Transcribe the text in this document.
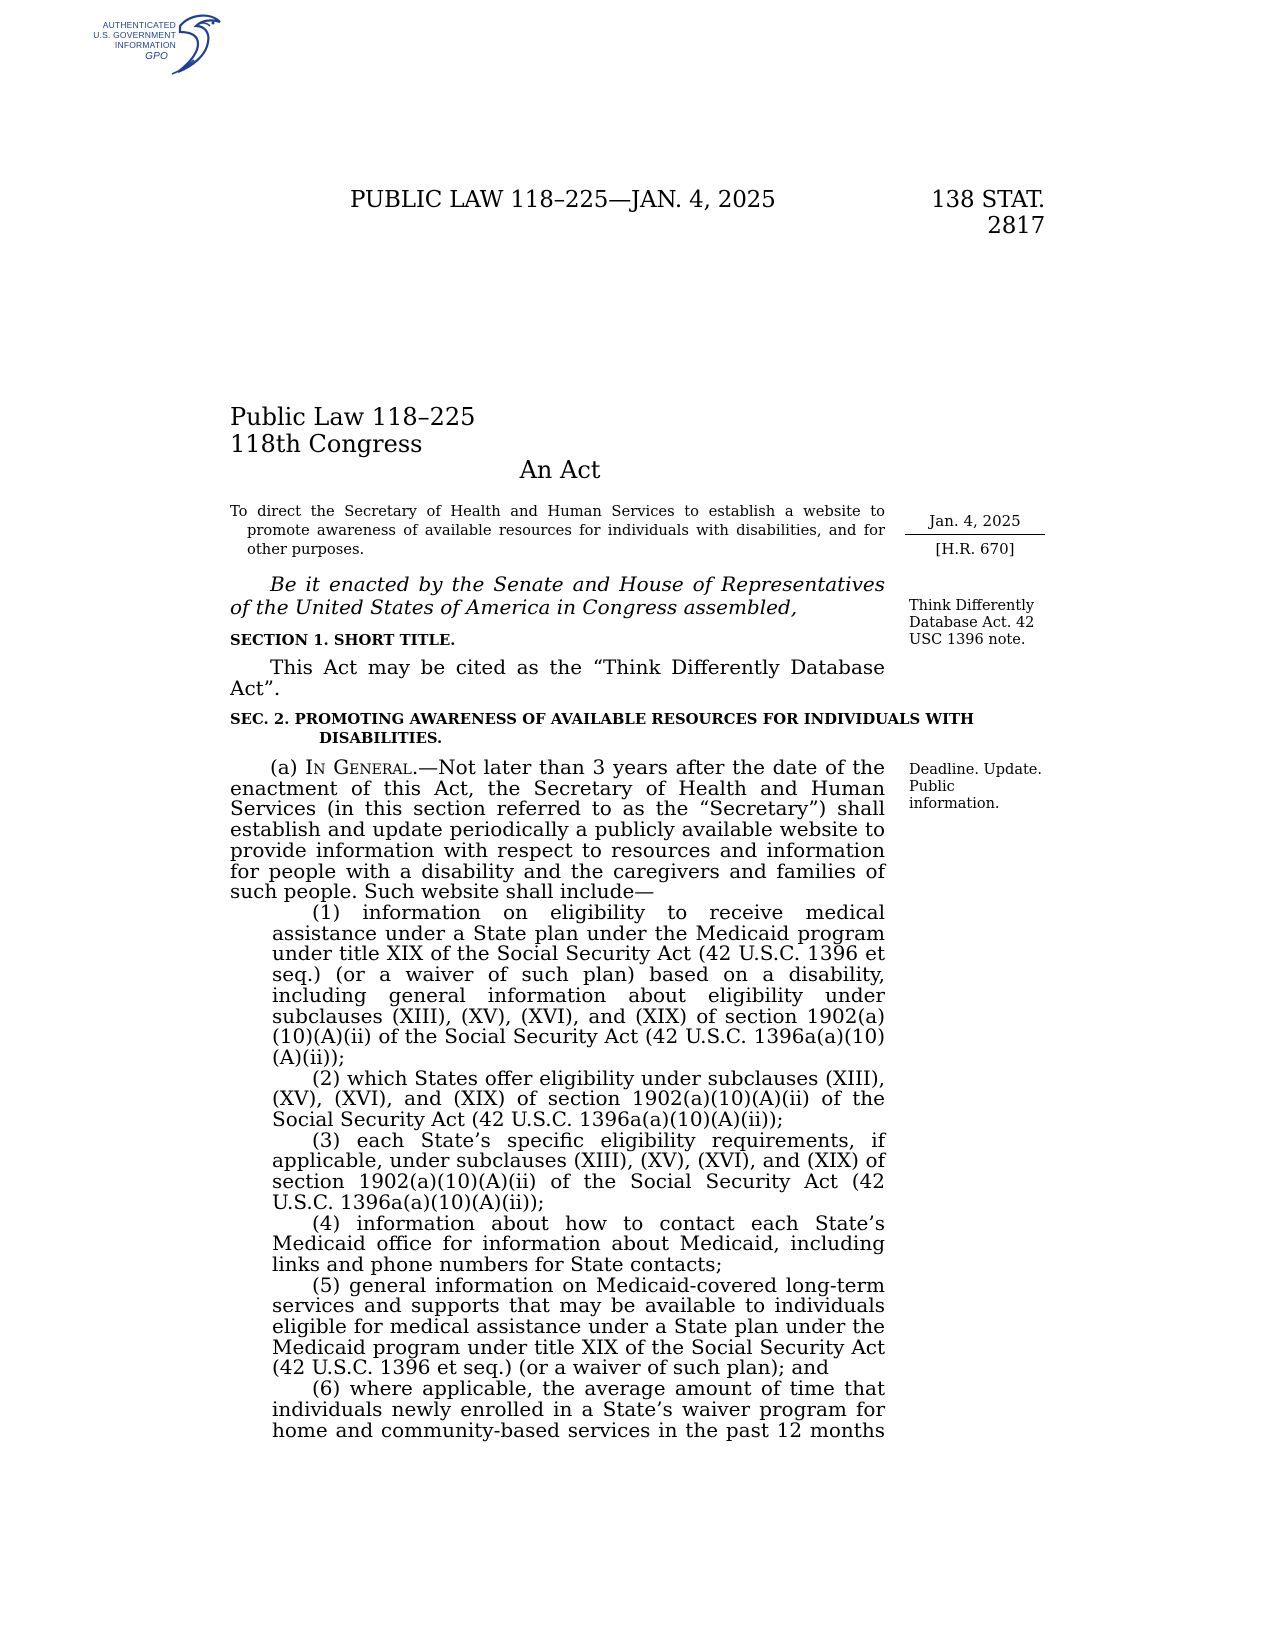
AUTHENTICATED
U.S. GOVERNMENT
INFORMATION
GPO
PUBLIC LAW 118–225—JAN. 4, 2025	138 STAT. 2817
Public Law 118–225
118th Congress
An Act
To direct the Secretary of Health and Human Services to establish a website to promote awareness of available resources for individuals with disabilities, and for other purposes.
Jan. 4, 2025
[H.R. 670]
Think Differently Database Act. 42 USC 1396 note.
Deadline. Update. Public information.
Be it enacted by the Senate and House of Representatives of the United States of America in Congress assembled,
SECTION 1. SHORT TITLE.
This Act may be cited as the “Think Differently Database Act”.
SEC. 2. PROMOTING AWARENESS OF AVAILABLE RESOURCES FOR INDIVIDUALS WITH DISABILITIES.
(a) In General.—Not later than 3 years after the date of the enactment of this Act, the Secretary of Health and Human Services (in this section referred to as the “Secretary”) shall establish and update periodically a publicly available website to provide information with respect to resources and information for people with a disability and the caregivers and families of such people. Such website shall include—

(1) information on eligibility to receive medical assistance under a State plan under the Medicaid program under title XIX of the Social Security Act (42 U.S.C. 1396 et seq.) (or a waiver of such plan) based on a disability, including general information about eligibility under subclauses (XIII), (XV), (XVI), and (XIX) of section 1902(a)(10)(A)(ii) of the Social Security Act (42 U.S.C. 1396a(a)(10)(A)(ii));

(2) which States offer eligibility under subclauses (XIII), (XV), (XVI), and (XIX) of section 1902(a)(10)(A)(ii) of the Social Security Act (42 U.S.C. 1396a(a)(10)(A)(ii));

(3) each State’s specific eligibility requirements, if applicable, under subclauses (XIII), (XV), (XVI), and (XIX) of section 1902(a)(10)(A)(ii) of the Social Security Act (42 U.S.C. 1396a(a)(10)(A)(ii));

(4) information about how to contact each State’s Medicaid office for information about Medicaid, including links and phone numbers for State contacts;

(5) general information on Medicaid-covered long-term services and supports that may be available to individuals eligible for medical assistance under a State plan under the Medicaid program under title XIX of the Social Security Act (42 U.S.C. 1396 et seq.) (or a waiver of such plan); and

(6) where applicable, the average amount of time that individuals newly enrolled in a State’s waiver program for home and community-based services in the past 12 months
